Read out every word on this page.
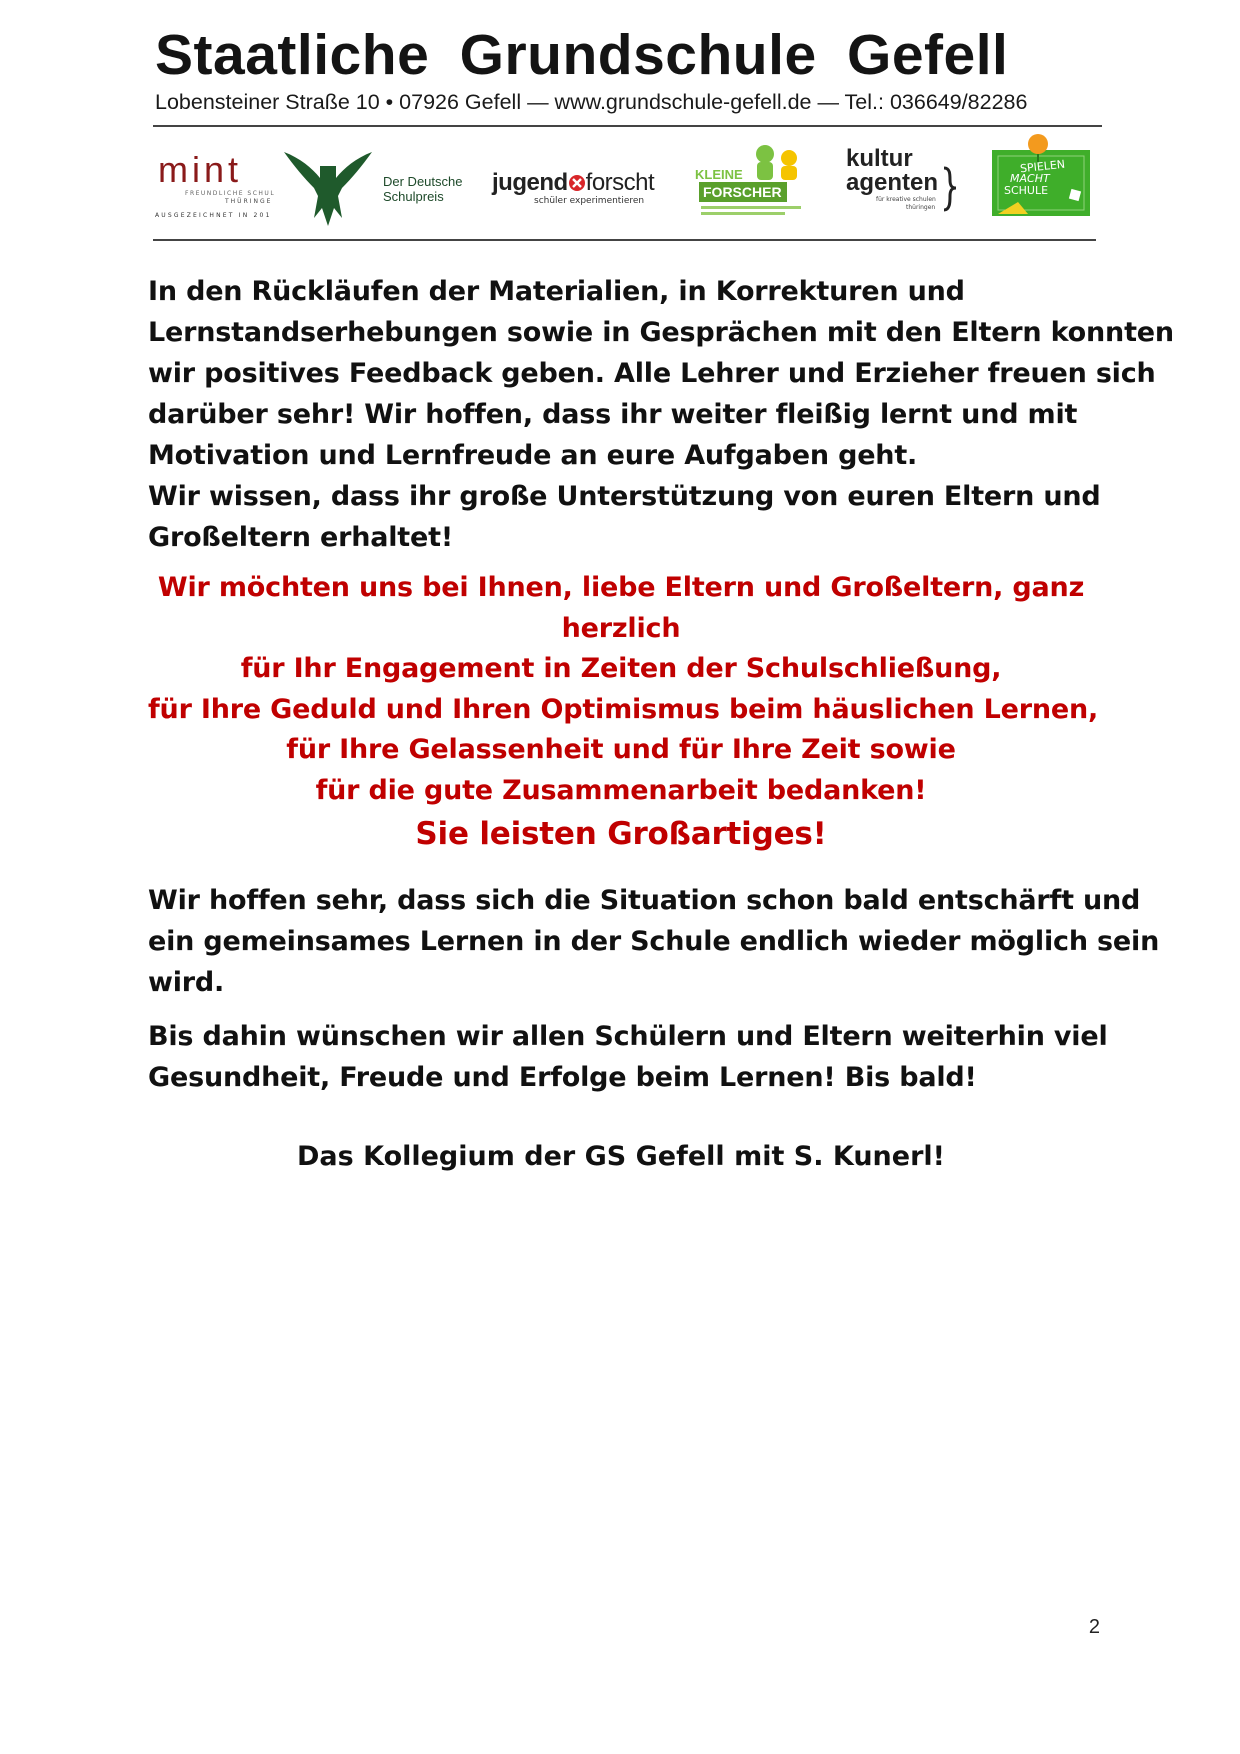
Staatliche Grundschule Gefell
Lobensteiner Straße 10 • 07926 Gefell — www.grundschule-gefell.de — Tel.: 036649/82286
mint
FREUNDLICHE SCHUL
THÜRINGE
AUSGEZEICHNET IN 201
Der Deutsche
Schulpreis
jugend forscht
schüler experimentieren
KLEINE
FORSCHER
kultur
agenten
für kreative schulen
thüringen
SPIELEN
MACHT
SCHULE
In den Rückläufen der Materialien, in Korrekturen und
Lernstandserhebungen sowie in Gesprächen mit den Eltern konnten
wir positives Feedback geben. Alle Lehrer und Erzieher freuen sich
darüber sehr! Wir hoffen, dass ihr weiter fleißig lernt und mit
Motivation und Lernfreude an eure Aufgaben geht.
Wir wissen, dass ihr große Unterstützung von euren Eltern und
Großeltern erhaltet!
Wir möchten uns bei Ihnen, liebe Eltern und Großeltern, ganz
herzlich
für Ihr Engagement in Zeiten der Schulschließung,
für Ihre Geduld und Ihren Optimismus beim häuslichen Lernen,
für Ihre Gelassenheit und für Ihre Zeit sowie
für die gute Zusammenarbeit bedanken!
Sie leisten Großartiges!
Wir hoffen sehr, dass sich die Situation schon bald entschärft und
ein gemeinsames Lernen in der Schule endlich wieder möglich sein
wird.
Bis dahin wünschen wir allen Schülern und Eltern weiterhin viel
Gesundheit, Freude und Erfolge beim Lernen! Bis bald!
Das Kollegium der GS Gefell mit S. Kunerl!
2
